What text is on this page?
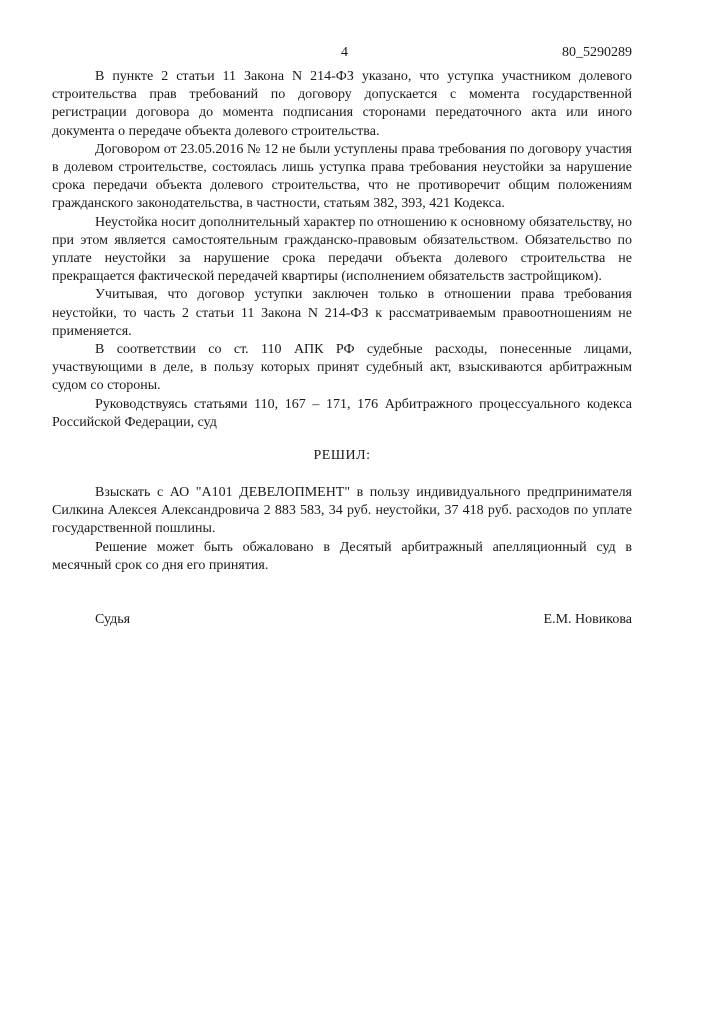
4	80_5290289

В пункте 2 статьи 11 Закона N 214-ФЗ указано, что уступка участником долевого строительства прав требований по договору допускается с момента государственной регистрации договора до момента подписания сторонами передаточного акта или иного документа о передаче объекта долевого строительства.

Договором от 23.05.2016 № 12 не были уступлены права требования по договору участия в долевом строительстве, состоялась лишь уступка права требования неустойки за нарушение срока передачи объекта долевого строительства, что не противоречит общим положениям гражданского законодательства, в частности, статьям 382, 393, 421 Кодекса.

Неустойка носит дополнительный характер по отношению к основному обязательству, но при этом является самостоятельным гражданско-правовым обязательством. Обязательство по уплате неустойки за нарушение срока передачи объекта долевого строительства не прекращается фактической передачей квартиры (исполнением обязательств застройщиком).

Учитывая, что договор уступки заключен только в отношении права требования неустойки, то часть 2 статьи 11 Закона N 214-ФЗ к рассматриваемым правоотношениям не применяется.

В соответствии со ст. 110 АПК РФ судебные расходы, понесенные лицами, участвующими в деле, в пользу которых принят судебный акт, взыскиваются арбитражным судом со стороны.

Руководствуясь статьями 110, 167 – 171, 176 Арбитражного процессуального кодекса Российской Федерации, суд

РЕШИЛ:

Взыскать с АО "А101 ДЕВЕЛОПМЕНТ" в пользу индивидуального предпринимателя Силкина Алексея Александровича 2 883 583, 34 руб. неустойки, 37 418 руб. расходов по уплате государственной пошлины.

Решение может быть обжаловано в Десятый арбитражный апелляционный суд в месячный срок со дня его принятия.

Судья	Е.М. Новикова
